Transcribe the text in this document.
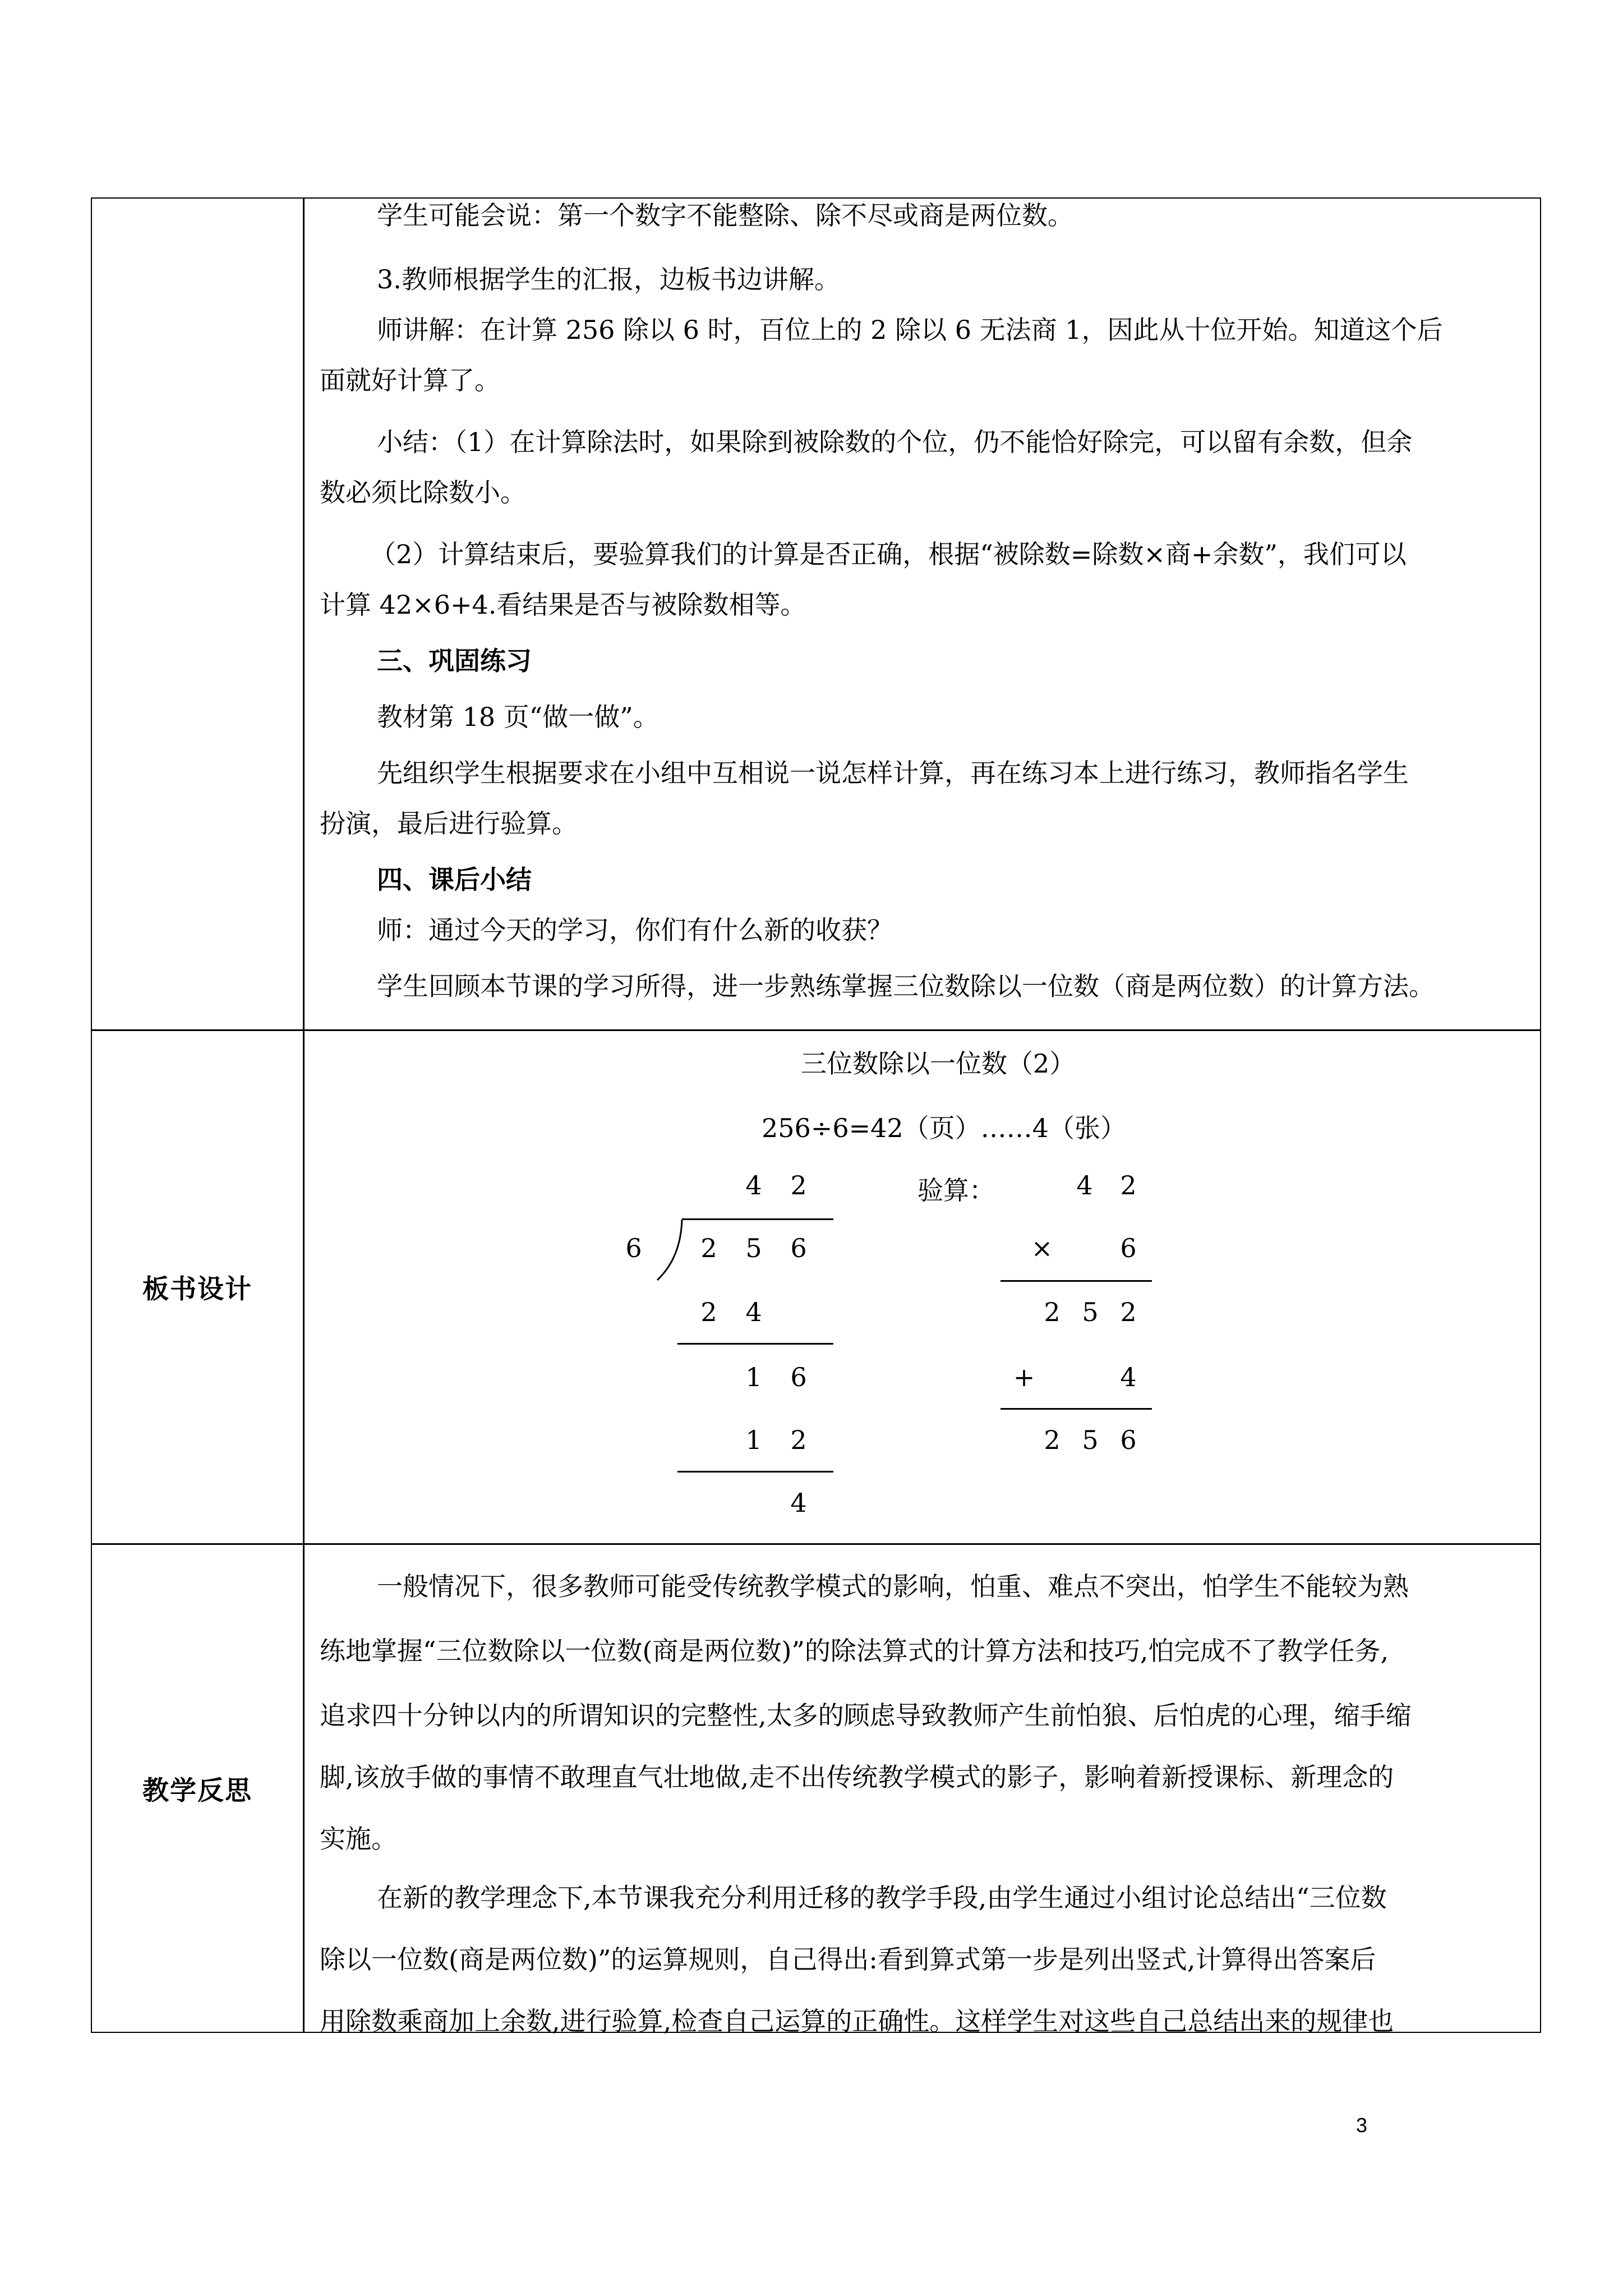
学生可能会说：第一个数字不能整除、除不尽或商是两位数。
3.教师根据学生的汇报，边板书边讲解。
师讲解：在计算 256 除以 6 时，百位上的 2 除以 6 无法商 1，因此从十位开始。知道这个后
面就好计算了。
小结：（1）在计算除法时，如果除到被除数的个位，仍不能恰好除完，可以留有余数，但余
数必须比除数小。
（2）计算结束后，要验算我们的计算是否正确，根据“被除数=除数×商+余数”，我们可以
计算 42×6+4.看结果是否与被除数相等。
三、巩固练习
教材第 18 页“做一做”。
先组织学生根据要求在小组中互相说一说怎样计算，再在练习本上进行练习，教师指名学生
扮演，最后进行验算。
四、课后小结
师：通过今天的学习，你们有什么新的收获？
学生回顾本节课的学习所得，进一步熟练掌握三位数除以一位数（商是两位数）的计算方法。
板书设计
三位数除以一位数（2）
256÷6=42（页）……4（张）
4 2
6 2 5 6
2 4
1 6
1 2
4
验算：	4 2
×	6
2 5 2
+	4
2 5 6
教学反思
一般情况下，很多教师可能受传统教学模式的影响，怕重、难点不突出，怕学生不能较为熟
练地掌握“三位数除以一位数(商是两位数)”的除法算式的计算方法和技巧,怕完成不了教学任务,
追求四十分钟以内的所谓知识的完整性,太多的顾虑导致教师产生前怕狼、后怕虎的心理，缩手缩
脚,该放手做的事情不敢理直气壮地做,走不出传统教学模式的影子，影响着新授课标、新理念的
实施。
在新的教学理念下,本节课我充分利用迁移的教学手段,由学生通过小组讨论总结出“三位数
除以一位数(商是两位数)”的运算规则，自己得出:看到算式第一步是列出竖式,计算得出答案后
用除数乘商加上余数,进行验算,检查自己运算的正确性。这样学生对这些自己总结出来的规律也
3
